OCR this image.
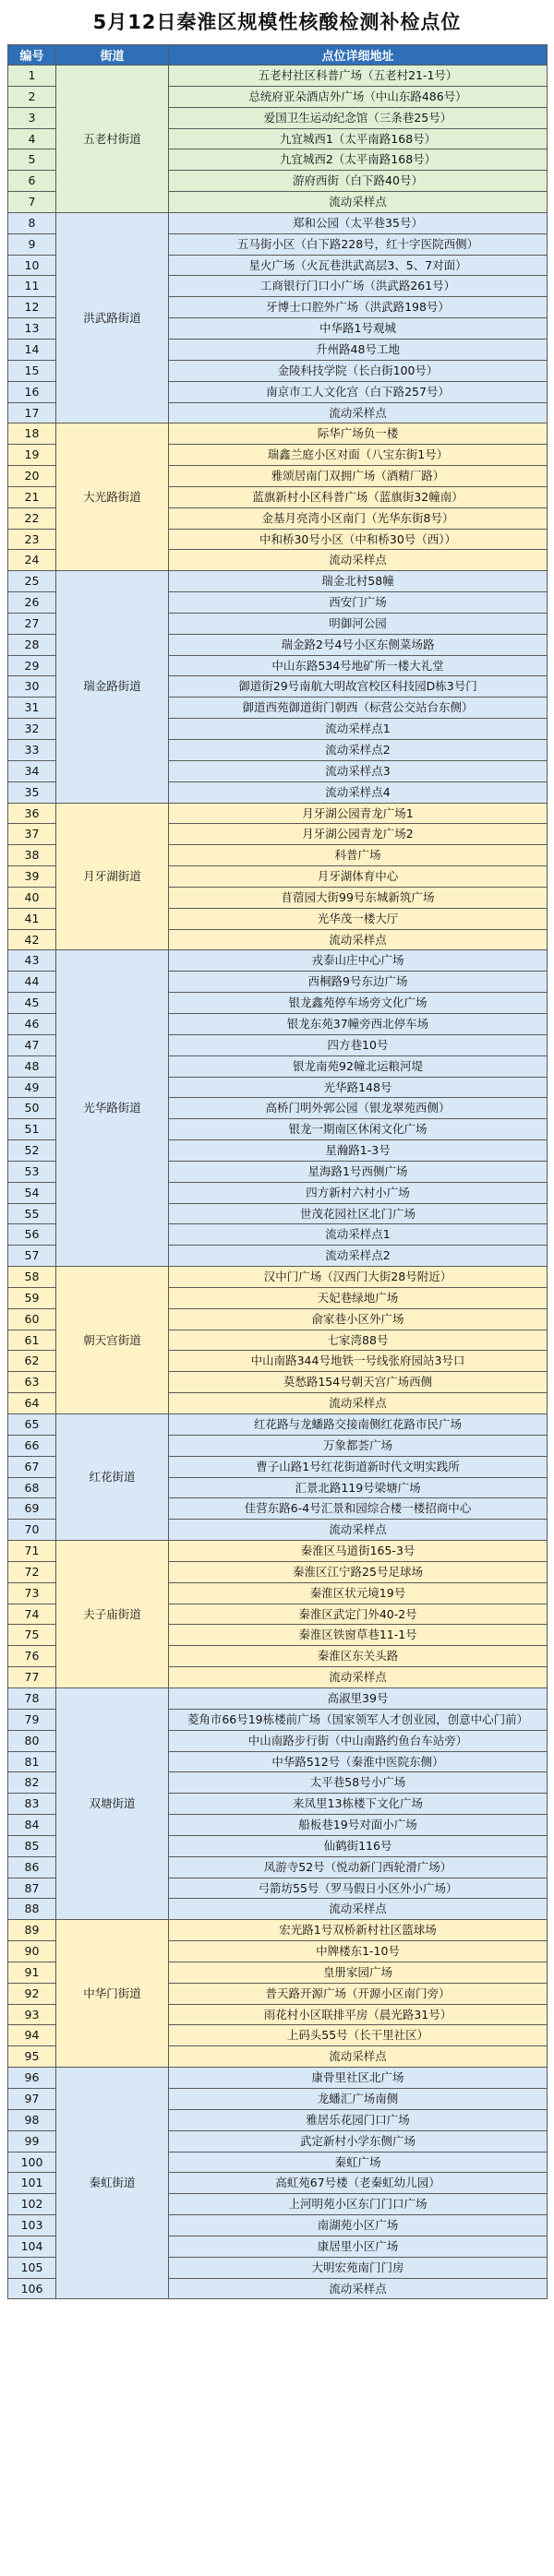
5月12日秦淮区规模性核酸检测补检点位
编号	街道	点位详细地址
1	五老村街道	五老村社区科普广场（五老村21-1号）
2		总统府亚朵酒店外广场（中山东路486号）
3		爱国卫生运动纪念馆（三条巷25号）
4		九宜城西1（太平南路168号）
5		九宜城西2（太平南路168号）
6		游府西街（白下路40号）
7		流动采样点
8	洪武路街道	郑和公园（太平巷35号）
9		五马街小区（白下路228号，红十字医院西侧）
10		星火广场（火瓦巷洪武高层3、5、7对面）
11		工商银行门口小广场（洪武路261号）
12		牙博士口腔外广场（洪武路198号）
13		中华路1号观城
14		升州路48号工地
15		金陵科技学院（长白街100号）
16		南京市工人文化宫（白下路257号）
17		流动采样点
18	大光路街道	际华广场负一楼
19		瑞鑫兰庭小区对面（八宝东街1号）
20		雅颂居南门双拥广场（酒精厂路）
21		蓝旗新村小区科普广场（蓝旗街32幢南）
22		金基月亮湾小区南门（光华东街8号）
23		中和桥30号小区（中和桥30号（西））
24		流动采样点
25	瑞金路街道	瑞金北村58幢
26		西安门广场
27		明御河公园
28		瑞金路2号4号小区东侧菜场路
29		中山东路534号地矿所一楼大礼堂
30		御道街29号南航大明故宫校区科技园D栋3号门
31		御道西苑御道街门朝西（标营公交站台东侧）
32		流动采样点1
33		流动采样点2
34		流动采样点3
35		流动采样点4
36	月牙湖街道	月牙湖公园青龙广场1
37		月牙湖公园青龙广场2
38		科普广场
39		月牙湖体育中心
40		苜蓿园大街99号东城新筑广场
41		光华茂一楼大厅
42		流动采样点
43	光华路街道	戎泰山庄中心广场
44		西桐路9号东边广场
45		银龙鑫苑停车场旁文化广场
46		银龙东苑37幢旁西北停车场
47		四方巷10号
48		银龙南苑92幢北运粮河堤
49		光华路148号
50		高桥门明外郭公园（银龙翠苑西侧）
51		银龙一期南区休闲文化广场
52		星瀚路1-3号
53		星海路1号西侧广场
54		四方新村六村小广场
55		世茂花园社区北门广场
56		流动采样点1
57		流动采样点2
58	朝天宫街道	汉中门广场（汉西门大街28号附近）
59		天妃巷绿地广场
60		俞家巷小区外广场
61		七家湾88号
62		中山南路344号地铁一号线张府园站3号口
63		莫愁路154号朝天宫广场西侧
64		流动采样点
65	红花街道	红花路与龙蟠路交接南侧红花路市民广场
66		万象都荟广场
67		曹子山路1号红花街道新时代文明实践所
68		汇景北路119号梁塘广场
69		佳营东路6-4号汇景和园综合楼一楼招商中心
70		流动采样点
71	夫子庙街道	秦淮区马道街165-3号
72		秦淮区江宁路25号足球场
73		秦淮区状元境19号
74		秦淮区武定门外40-2号
75		秦淮区铁窗草巷11-1号
76		秦淮区东关头路
77		流动采样点
78	双塘街道	高淑里39号
79		菱角市66号19栋楼前广场（国家领军人才创业园，创意中心门前）
80		中山南路步行街（中山南路约鱼台车站旁）
81		中华路512号（秦淮中医院东侧）
82		太平巷58号小广场
83		来凤里13栋楼下文化广场
84		船板巷19号对面小广场
85		仙鹤街116号
86		凤游寺52号（悦动新门西轮滑广场）
87		弓箭坊55号（罗马假日小区外小广场）
88		流动采样点
89	中华门街道	宏光路1号双桥新村社区篮球场
90		中牌楼东1-10号
91		皇册家园广场
92		普天路开源广场（开源小区南门旁）
93		雨花村小区联排平房（晨光路31号）
94		上码头55号（长干里社区）
95		流动采样点
96	秦虹街道	康骨里社区北广场
97		龙蟠汇广场南侧
98		雅居乐花园门口广场
99		武定新村小学东侧广场
100		秦虹广场
101		高虹苑67号楼（老秦虹幼儿园）
102		上河明苑小区东门门口广场
103		南湖苑小区广场
104		康居里小区广场
105		大明宏苑南门门房
106		流动采样点
